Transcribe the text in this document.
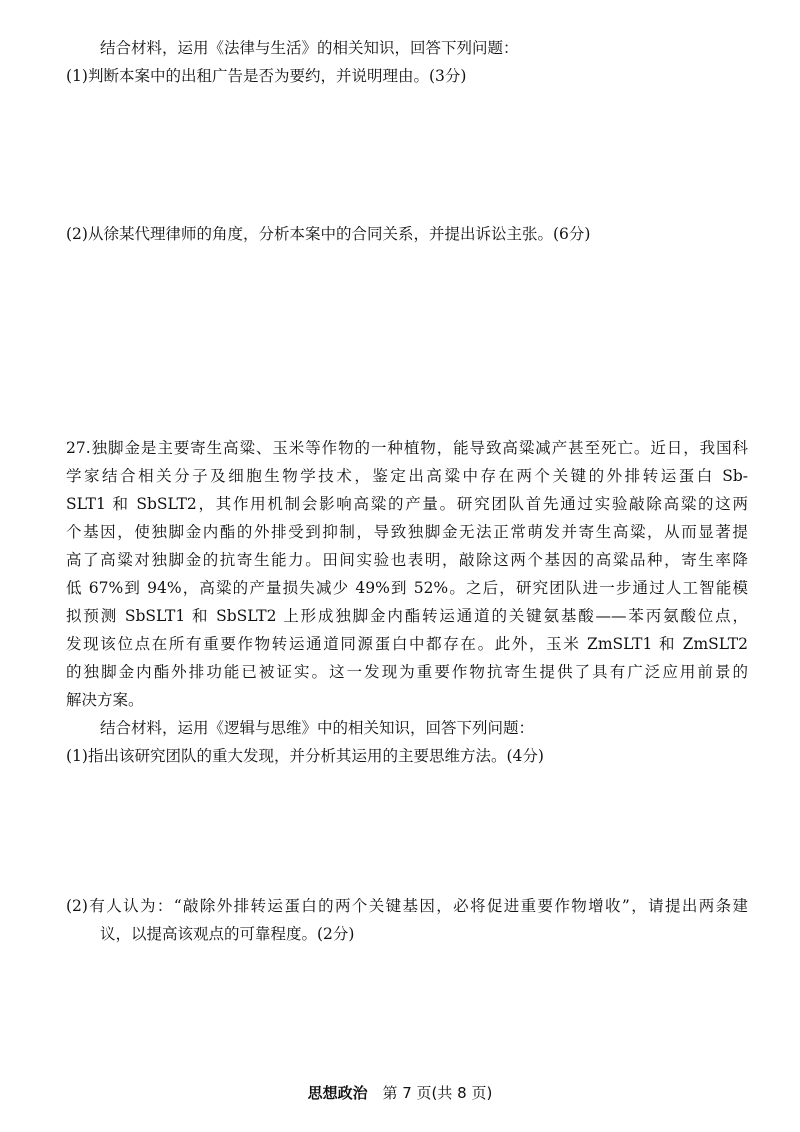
结合材料，运用《法律与生活》的相关知识，回答下列问题：
(1)判断本案中的出租广告是否为要约，并说明理由。(3分)
(2)从徐某代理律师的角度，分析本案中的合同关系，并提出诉讼主张。(6分)
27.独脚金是主要寄生高粱、玉米等作物的一种植物，能导致高粱减产甚至死亡。近日，我国科
学家结合相关分子及细胞生物学技术，鉴定出高粱中存在两个关键的外排转运蛋白 Sb-
SLT1 和 SbSLT2，其作用机制会影响高粱的产量。研究团队首先通过实验敲除高粱的这两
个基因，使独脚金内酯的外排受到抑制，导致独脚金无法正常萌发并寄生高粱，从而显著提
高了高粱对独脚金的抗寄生能力。田间实验也表明，敲除这两个基因的高粱品种，寄生率降
低 67%到 94%，高粱的产量损失减少 49%到 52%。之后，研究团队进一步通过人工智能模
拟预测 SbSLT1 和 SbSLT2 上形成独脚金内酯转运通道的关键氨基酸——苯丙氨酸位点，
发现该位点在所有重要作物转运通道同源蛋白中都存在。此外，玉米 ZmSLT1 和 ZmSLT2
的独脚金内酯外排功能已被证实。这一发现为重要作物抗寄生提供了具有广泛应用前景的
解决方案。
结合材料，运用《逻辑与思维》中的相关知识，回答下列问题：
(1)指出该研究团队的重大发现，并分析其运用的主要思维方法。(4分)
(2)有人认为：“敲除外排转运蛋白的两个关键基因，必将促进重要作物增收”，请提出两条建
议，以提高该观点的可靠程度。(2分)
思想政治 第 7 页(共 8 页)
